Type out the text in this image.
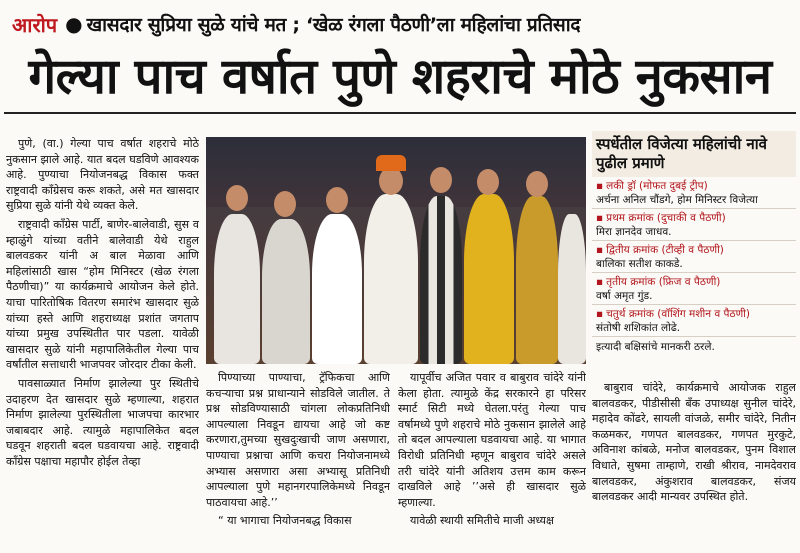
आरोप ● खासदार सुप्रिया सुळे यांचे मत ; ‘खेळ रंगला पैठणी’ला महिलांचा प्रतिसाद
गेल्या पाच वर्षात पुणे शहराचे मोठे नुकसान

पुणे, (वा.) गेल्या पाच वर्षात शहराचे मोठे नुकसान झाले आहे. यात बदल घडविणे आवश्यक आहे. पुण्याचा नियोजनबद्ध विकास फक्त राष्ट्रवादी काँग्रेसच करू शकते, असे मत खासदार सुप्रिया सुळे यांनी येथे व्यक्त केले.

राष्ट्रवादी काँग्रेस पार्टी, बाणेर-बालेवाडी, सुस व म्हाळुंगे यांच्या वतीने बालेवाडी येथे राहुल बालवडकर यांनी अ बाल मेळावा आणि महिलांसाठी खास “होम मिनिस्टर (खेळ रंगला पैठणीचा)” या कार्यक्रमाचे आयोजन केले होते. याचा पारितोषिक वितरण समारंभ खासदार सुळे यांच्या हस्ते आणि शहराध्यक्ष प्रशांत जगताप यांच्या प्रमुख उपस्थितीत पार पडला. यावेळी खासदार सुळे यांनी महापालिकेतील गेल्या पाच वर्षांतील सत्ताधारी भाजपवर जोरदार टीका केली.

पावसाळ्यात निर्माण झालेल्या पुर स्थितीचे उदाहरण देत खासदार सुळे म्हणाल्या, शहरात निर्माण झालेल्या पुरस्थितीला भाजपचा कारभार जबाबदार आहे. त्यामुळे महापालिकेत बदल घडवून शहराती बदल घडवायचा आहे. राष्ट्रवादी काँग्रेस पक्षाचा महापौर होईल तेव्हा

स्पर्धेतील विजेत्या महिलांची नावे पुढील प्रमाणे
▪ लकी ड्रॉ (मोफत दुबई ट्रीप)
अर्चना अनिल चौंडगे, होम मिनिस्टर विजेत्या
▪ प्रथम क्रमांक (दुचाकी व पैठणी)
मिरा ज्ञानदेव जाधव.
▪ द्वितीय क्रमांक (टीव्ही व पैठणी)
बालिका सतीश काकडे.
▪ तृतीय क्रमांक (फ्रिज व पैठणी)
वर्षा अमृत गुंड.
▪ चतुर्थ क्रमांक (वॉशिंग मशीन व पैठणी)
संतोषी शशिकांत लोढे.
इत्यादी बक्षिसांचे मानकरी ठरले.

पिण्याच्या पाण्याचा, ट्रॅफिकचा आणि कचऱ्याचा प्रश्न प्राधान्याने सोडविले जातील. ते प्रश्न सोडविण्यासाठी चांगला लोकप्रतिनिधी आपल्याला निवडून द्यायचा आहे जो कष्ट करणारा,तुमच्या सुखदुःखाची जाण असणारा, पाण्याचा प्रश्नाचा आणि कचरा नियोजनामध्ये अभ्यास असणारा असा अभ्यासू प्रतिनिधी आपल्याला पुणे महानगरपालिकेमध्ये निवडून पाठवायचा आहे.’’

“ या भागाचा नियोजनबद्ध विकास

यापूर्वीच अजित पवार व बाबुराव चांदेरे यांनी केला होता. त्यामुळे केंद्र सरकारने हा परिसर स्मार्ट सिटी मध्ये घेतला.परंतु गेल्या पाच वर्षामध्ये पुणे शहराचे मोठे नुकसान झालेले आहे तो बदल आपल्याला घडवायचा आहे. या भागात विरोधी प्रतिनिधी म्हणून बाबुराव चांदेरे असले तरी चांदेरे यांनी अतिशय उत्तम काम करून दाखविले आहे ’’असे ही खासदार सुळे म्हणाल्या.

यावेळी स्थायी समितीचे माजी अध्यक्ष

बाबुराव चांदेरे, कार्यक्रमाचे आयोजक राहुल बालवडकर, पीडीसीसी बँक उपाध्यक्ष सुनील चांदेरे, महादेव कोंढरे, सायली वांजळे, समीर चांदेरे, नितीन कळमकर, गणपत बालवडकर, गणपत मुरकुटे, अविनाश कांबळे, मनोज बालवडकर, पुनम विशाल विधाते, सुषमा ताम्हाणे, राखी श्रीराव, नामदेवराव बालवडकर, अंकुशराव बालवडकर, संजय बालवडकर आदी मान्यवर उपस्थित होते.
